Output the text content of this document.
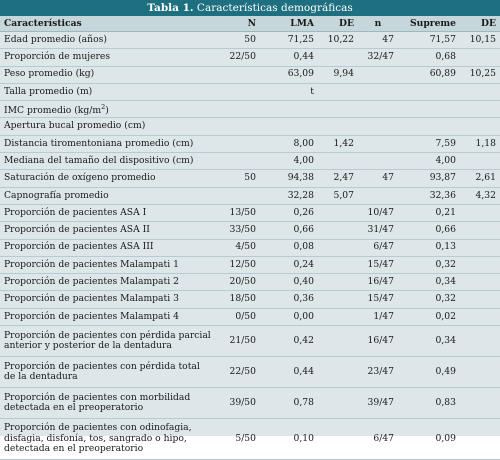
Tabla 1. Características demográficas
Características	N	LMA	DE	n	Supreme	DE
Edad promedio (años)	50	71,25	10,22	47	71,57	10,15
Proporción de mujeres	22/50	0,44		32/47	0,68	
Peso promedio (kg)		63,09	9,94		60,89	10,25
Talla promedio (m)		t				
IMC promedio $(kg/m^2)$						
Apertura bucal promedio (cm)						
Distancia tiromentoniana promedio (cm)		8,00	1,42		7,59	1,18
Mediana del tamaño del dispositivo (cm)		4,00			4,00	
Saturación de oxígeno promedio	50	94,38	2,47	47	93,87	2,61
Capnografía promedio		32,28	5,07		32,36	4,32
Proporción de pacientes ASA I	13/50	0,26		10/47	0,21	
Proporción de pacientes ASA II	33/50	0,66		31/47	0,66	
Proporción de pacientes ASA III	4/50	0,08		6/47	0,13	
Proporción de pacientes Malampati 1	12/50	0,24		15/47	0,32	
Proporción de pacientes Malampati 2	20/50	0,40		16/47	0,34	
Proporción de pacientes Malampati 3	18/50	0,36		15/47	0,32	
Proporción de pacientes Malampati 4	0/50	0,00		1/47	0,02	
Proporción de pacientes con pérdida parcial anterior y posterior de la dentadura	21/50	0,42		16/47	0,34	
Proporción de pacientes con pérdida total de la dentadura	22/50	0,44		23/47	0,49	
Proporción de pacientes con morbilidad detectada en el preoperatorio	39/50	0,78		39/47	0,83	
Proporción de pacientes con odinofagia, disfagia, disfonía, tos, sangrado o hipo, detectada en el preoperatorio	5/50	0,10		6/47	0,09	
